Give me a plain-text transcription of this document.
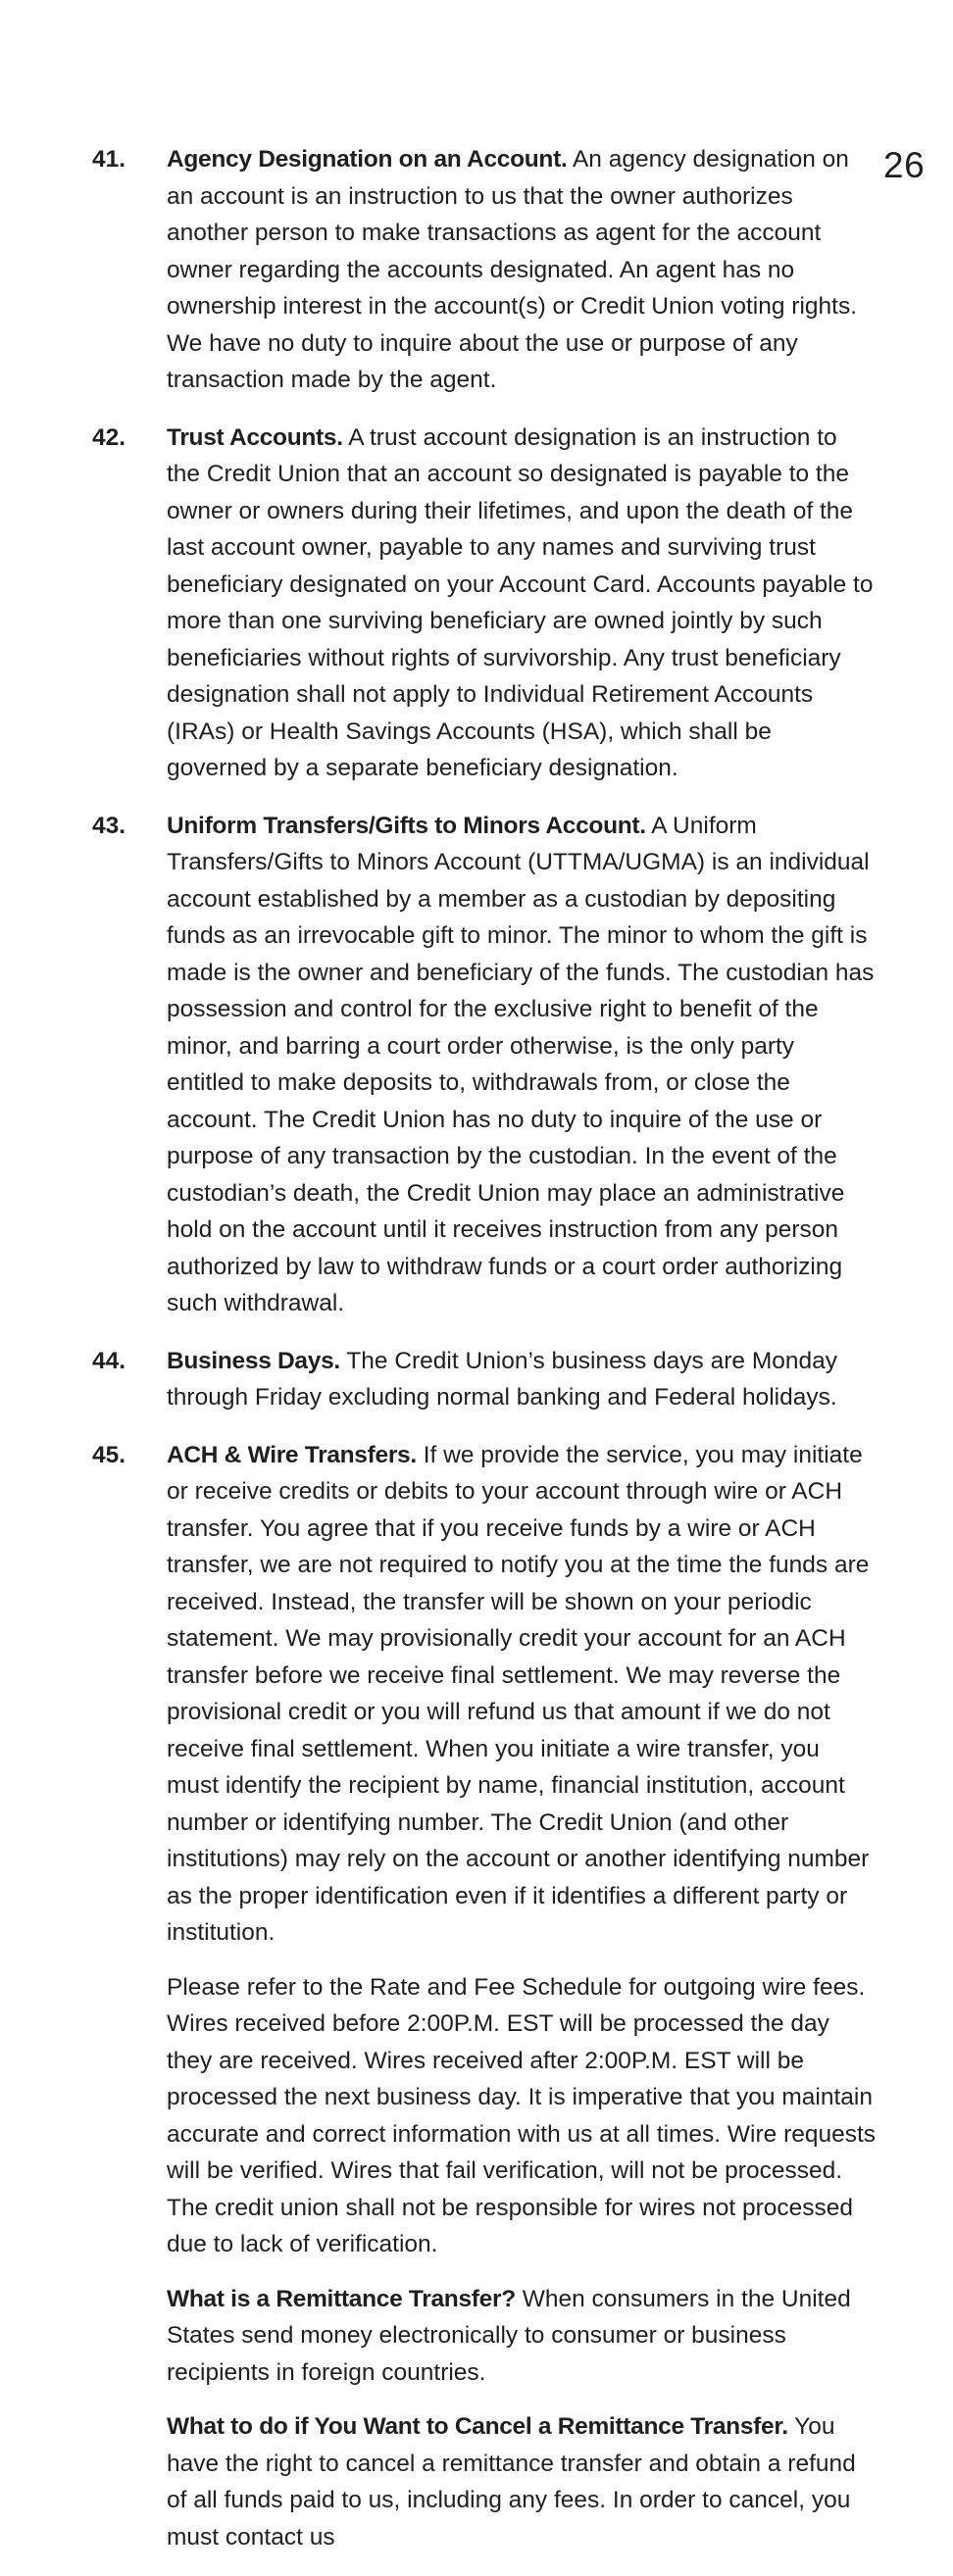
26
41. Agency Designation on an Account. An agency designation on an account is an instruction to us that the owner authorizes another person to make transactions as agent for the account owner regarding the accounts designated. An agent has no ownership interest in the account(s) or Credit Union voting rights. We have no duty to inquire about the use or purpose of any transaction made by the agent.

42. Trust Accounts. A trust account designation is an instruction to the Credit Union that an account so designated is payable to the owner or owners during their lifetimes, and upon the death of the last account owner, payable to any names and surviving trust beneficiary designated on your Account Card. Accounts payable to more than one surviving beneficiary are owned jointly by such beneficiaries without rights of survivorship. Any trust beneficiary designation shall not apply to Individual Retirement Accounts (IRAs) or Health Savings Accounts (HSA), which shall be governed by a separate beneficiary designation.

43. Uniform Transfers/Gifts to Minors Account. A Uniform Transfers/Gifts to Minors Account (UTTMA/UGMA) is an individual account established by a member as a custodian by depositing funds as an irrevocable gift to minor. The minor to whom the gift is made is the owner and beneficiary of the funds. The custodian has possession and control for the exclusive right to benefit of the minor, and barring a court order otherwise, is the only party entitled to make deposits to, withdrawals from, or close the account. The Credit Union has no duty to inquire of the use or purpose of any transaction by the custodian. In the event of the custodian’s death, the Credit Union may place an administrative hold on the account until it receives instruction from any person authorized by law to withdraw funds or a court order authorizing such withdrawal.

44. Business Days. The Credit Union’s business days are Monday through Friday excluding normal banking and Federal holidays.

45. ACH & Wire Transfers. If we provide the service, you may initiate or receive credits or debits to your account through wire or ACH transfer. You agree that if you receive funds by a wire or ACH transfer, we are not required to notify you at the time the funds are received. Instead, the transfer will be shown on your periodic statement. We may provisionally credit your account for an ACH transfer before we receive final settlement. We may reverse the provisional credit or you will refund us that amount if we do not receive final settlement. When you initiate a wire transfer, you must identify the recipient by name, financial institution, account number or identifying number. The Credit Union (and other institutions) may rely on the account or another identifying number as the proper identification even if it identifies a different party or institution.

Please refer to the Rate and Fee Schedule for outgoing wire fees. Wires received before 2:00P.M. EST will be processed the day they are received. Wires received after 2:00P.M. EST will be processed the next business day. It is imperative that you maintain accurate and correct information with us at all times. Wire requests will be verified. Wires that fail verification, will not be processed. The credit union shall not be responsible for wires not processed due to lack of verification.

What is a Remittance Transfer? When consumers in the United States send money electronically to consumer or business recipients in foreign countries.

What to do if You Want to Cancel a Remittance Transfer. You have the right to cancel a remittance transfer and obtain a refund of all funds paid to us, including any fees. In order to cancel, you must contact us
